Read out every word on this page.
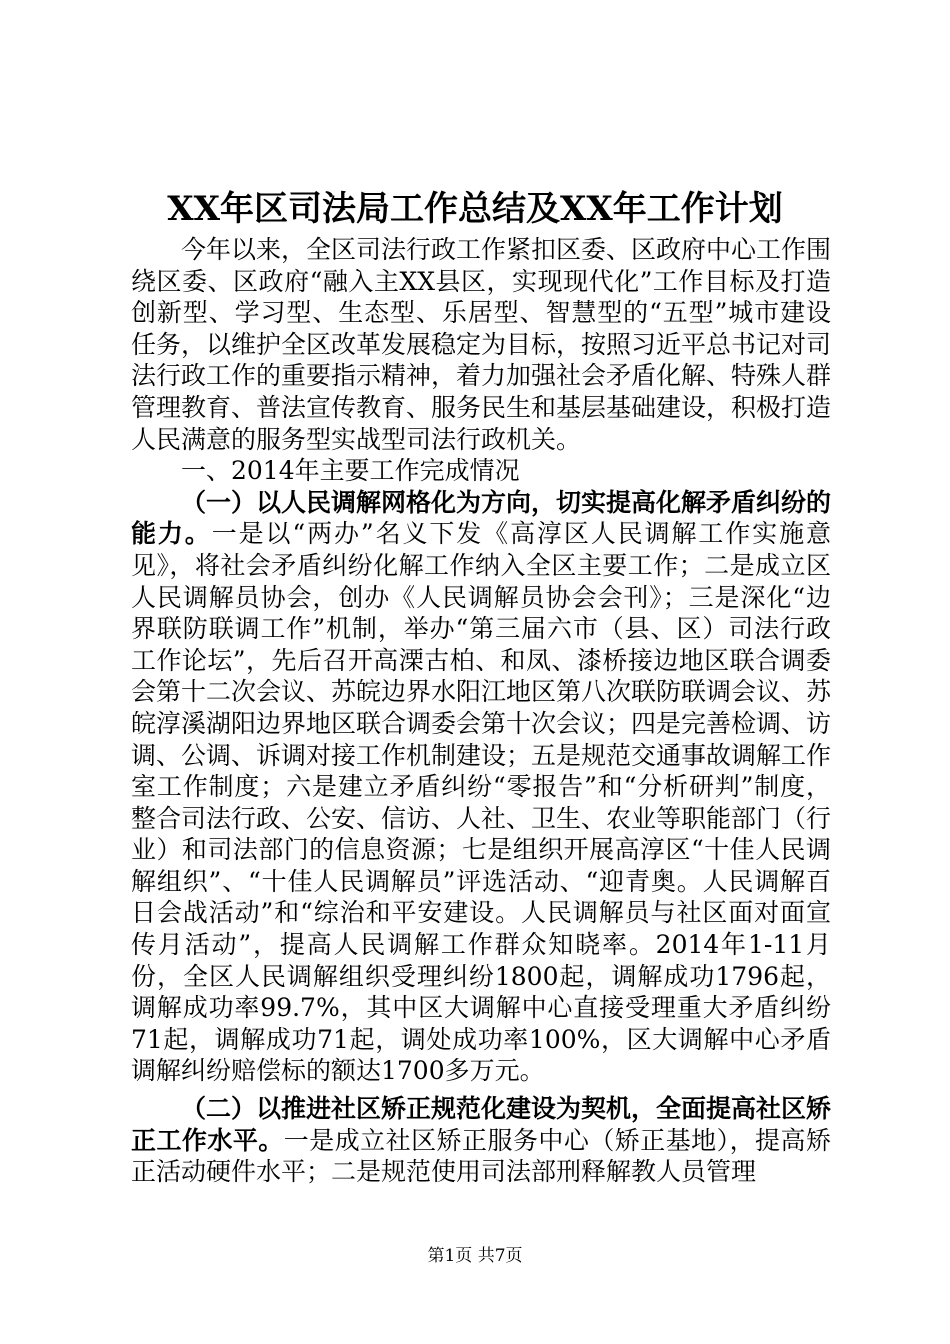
XX年区司法局工作总结及XX年工作计划

今年以来，全区司法行政工作紧扣区委、区政府中心工作围绕区委、区政府“融入主XX县区，实现现代化”工作目标及打造创新型、学习型、生态型、乐居型、智慧型的“五型”城市建设任务，以维护全区改革发展稳定为目标，按照习近平总书记对司法行政工作的重要指示精神，着力加强社会矛盾化解、特殊人群管理教育、普法宣传教育、服务民生和基层基础建设，积极打造人民满意的服务型实战型司法行政机关。

一、2014年主要工作完成情况

（一）以人民调解网格化为方向，切实提高化解矛盾纠纷的能力。一是以“两办”名义下发《高淳区人民调解工作实施意见》，将社会矛盾纠纷化解工作纳入全区主要工作；二是成立区人民调解员协会，创办《人民调解员协会会刊》；三是深化“边界联防联调工作”机制，举办“第三届六市（县、区）司法行政工作论坛”，先后召开高溧古柏、和凤、漆桥接边地区联合调委会第十二次会议、苏皖边界水阳江地区第八次联防联调会议、苏皖淳溪湖阳边界地区联合调委会第十次会议；四是完善检调、访调、公调、诉调对接工作机制建设；五是规范交通事故调解工作室工作制度；六是建立矛盾纠纷“零报告”和“分析研判”制度，整合司法行政、公安、信访、人社、卫生、农业等职能部门（行业）和司法部门的信息资源；七是组织开展高淳区“十佳人民调解组织”、“十佳人民调解员”评选活动、“迎青奥。人民调解百日会战活动”和“综治和平安建设。人民调解员与社区面对面宣传月活动”，提高人民调解工作群众知晓率。2014年1-11月份，全区人民调解组织受理纠纷1800起，调解成功1796起，调解成功率99.7%，其中区大调解中心直接受理重大矛盾纠纷71起，调解成功71起，调处成功率100%，区大调解中心矛盾调解纠纷赔偿标的额达1700多万元。

（二）以推进社区矫正规范化建设为契机，全面提高社区矫正工作水平。一是成立社区矫正服务中心（矫正基地），提高矫正活动硬件水平；二是规范使用司法部刑释解教人员管理

第1页 共7页
